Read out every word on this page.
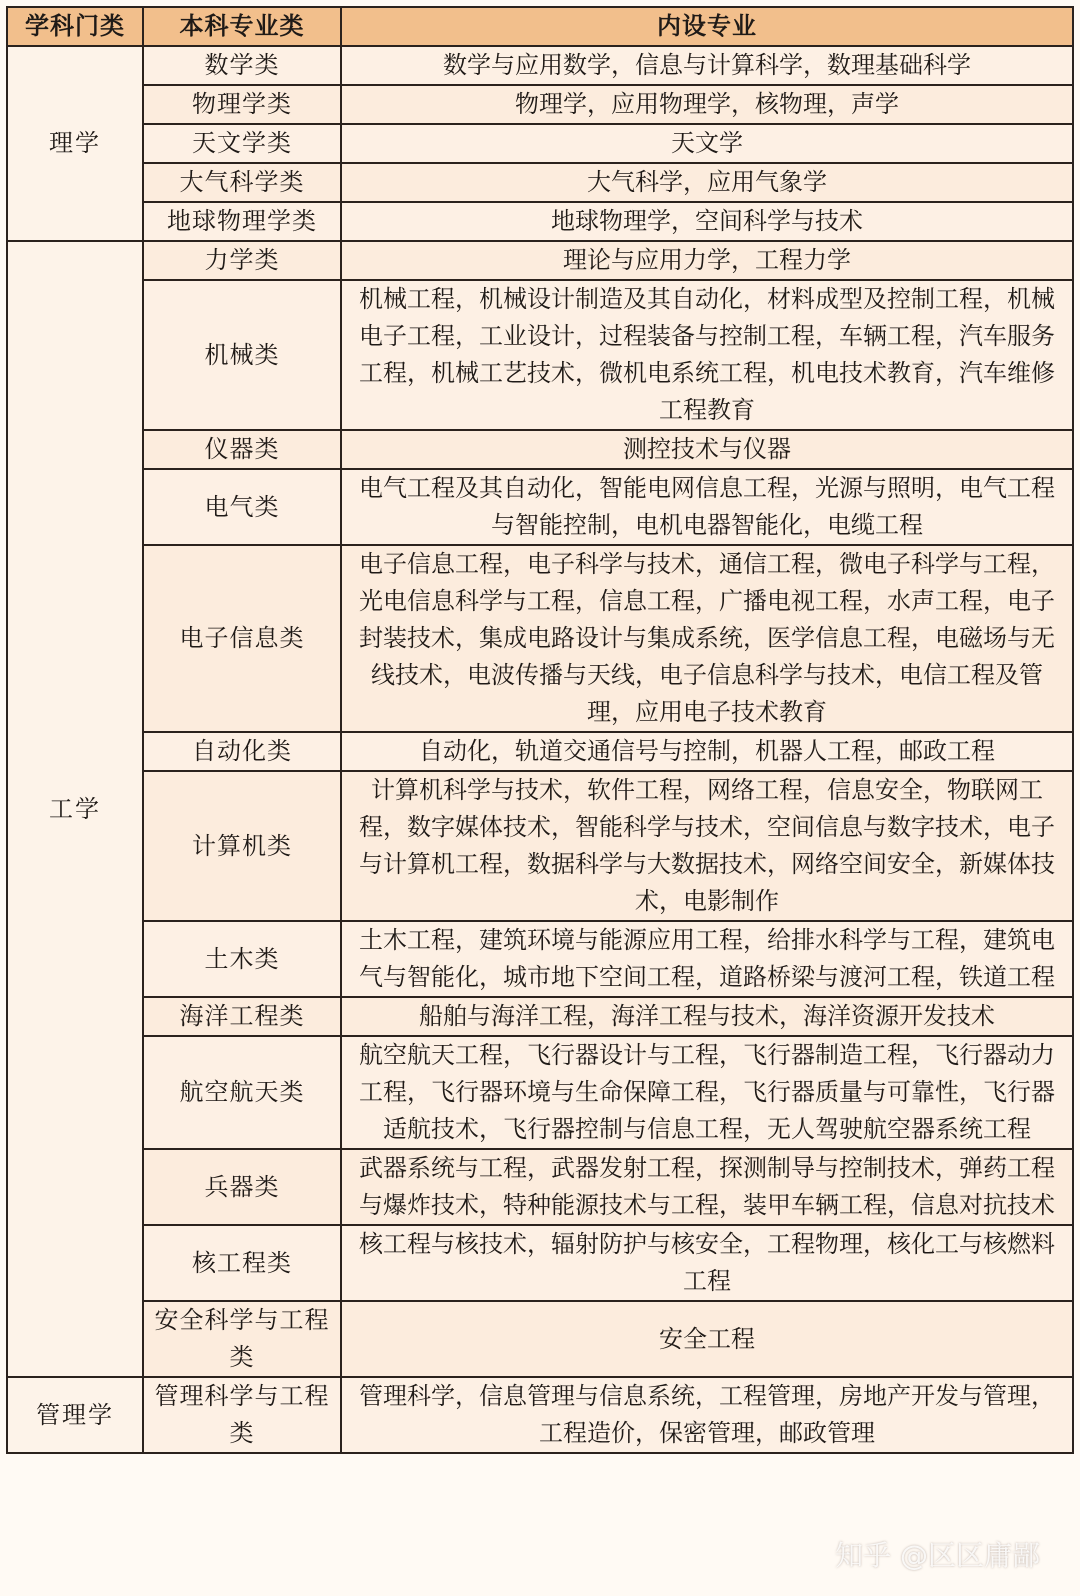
学科门类	本科专业类	内设专业
理学	数学类	数学与应用数学，信息与计算科学，数理基础科学
	物理学类	物理学，应用物理学，核物理，声学
	天文学类	天文学
	大气科学类	大气科学，应用气象学
	地球物理学类	地球物理学，空间科学与技术
工学	力学类	理论与应用力学，工程力学
	机械类	机械工程，机械设计制造及其自动化，材料成型及控制工程，机械电子工程，工业设计，过程装备与控制工程，车辆工程，汽车服务工程，机械工艺技术，微机电系统工程，机电技术教育，汽车维修工程教育
	仪器类	测控技术与仪器
	电气类	电气工程及其自动化，智能电网信息工程，光源与照明，电气工程与智能控制，电机电器智能化，电缆工程
	电子信息类	电子信息工程，电子科学与技术，通信工程，微电子科学与工程，光电信息科学与工程，信息工程，广播电视工程，水声工程，电子封装技术，集成电路设计与集成系统，医学信息工程，电磁场与无线技术，电波传播与天线，电子信息科学与技术，电信工程及管理，应用电子技术教育
	自动化类	自动化，轨道交通信号与控制，机器人工程，邮政工程
	计算机类	计算机科学与技术，软件工程，网络工程，信息安全，物联网工程，数字媒体技术，智能科学与技术，空间信息与数字技术，电子与计算机工程，数据科学与大数据技术，网络空间安全，新媒体技术，电影制作
	土木类	土木工程，建筑环境与能源应用工程，给排水科学与工程，建筑电气与智能化，城市地下空间工程，道路桥梁与渡河工程，铁道工程
	海洋工程类	船舶与海洋工程，海洋工程与技术，海洋资源开发技术
	航空航天类	航空航天工程，飞行器设计与工程，飞行器制造工程，飞行器动力工程，飞行器环境与生命保障工程，飞行器质量与可靠性，飞行器适航技术，飞行器控制与信息工程，无人驾驶航空器系统工程
	兵器类	武器系统与工程，武器发射工程，探测制导与控制技术，弹药工程与爆炸技术，特种能源技术与工程，装甲车辆工程，信息对抗技术
	核工程类	核工程与核技术，辐射防护与核安全，工程物理，核化工与核燃料工程
	安全科学与工程类	安全工程
管理学	管理科学与工程类	管理科学，信息管理与信息系统，工程管理，房地产开发与管理，工程造价，保密管理，邮政管理
知乎 @区区庸鄙
